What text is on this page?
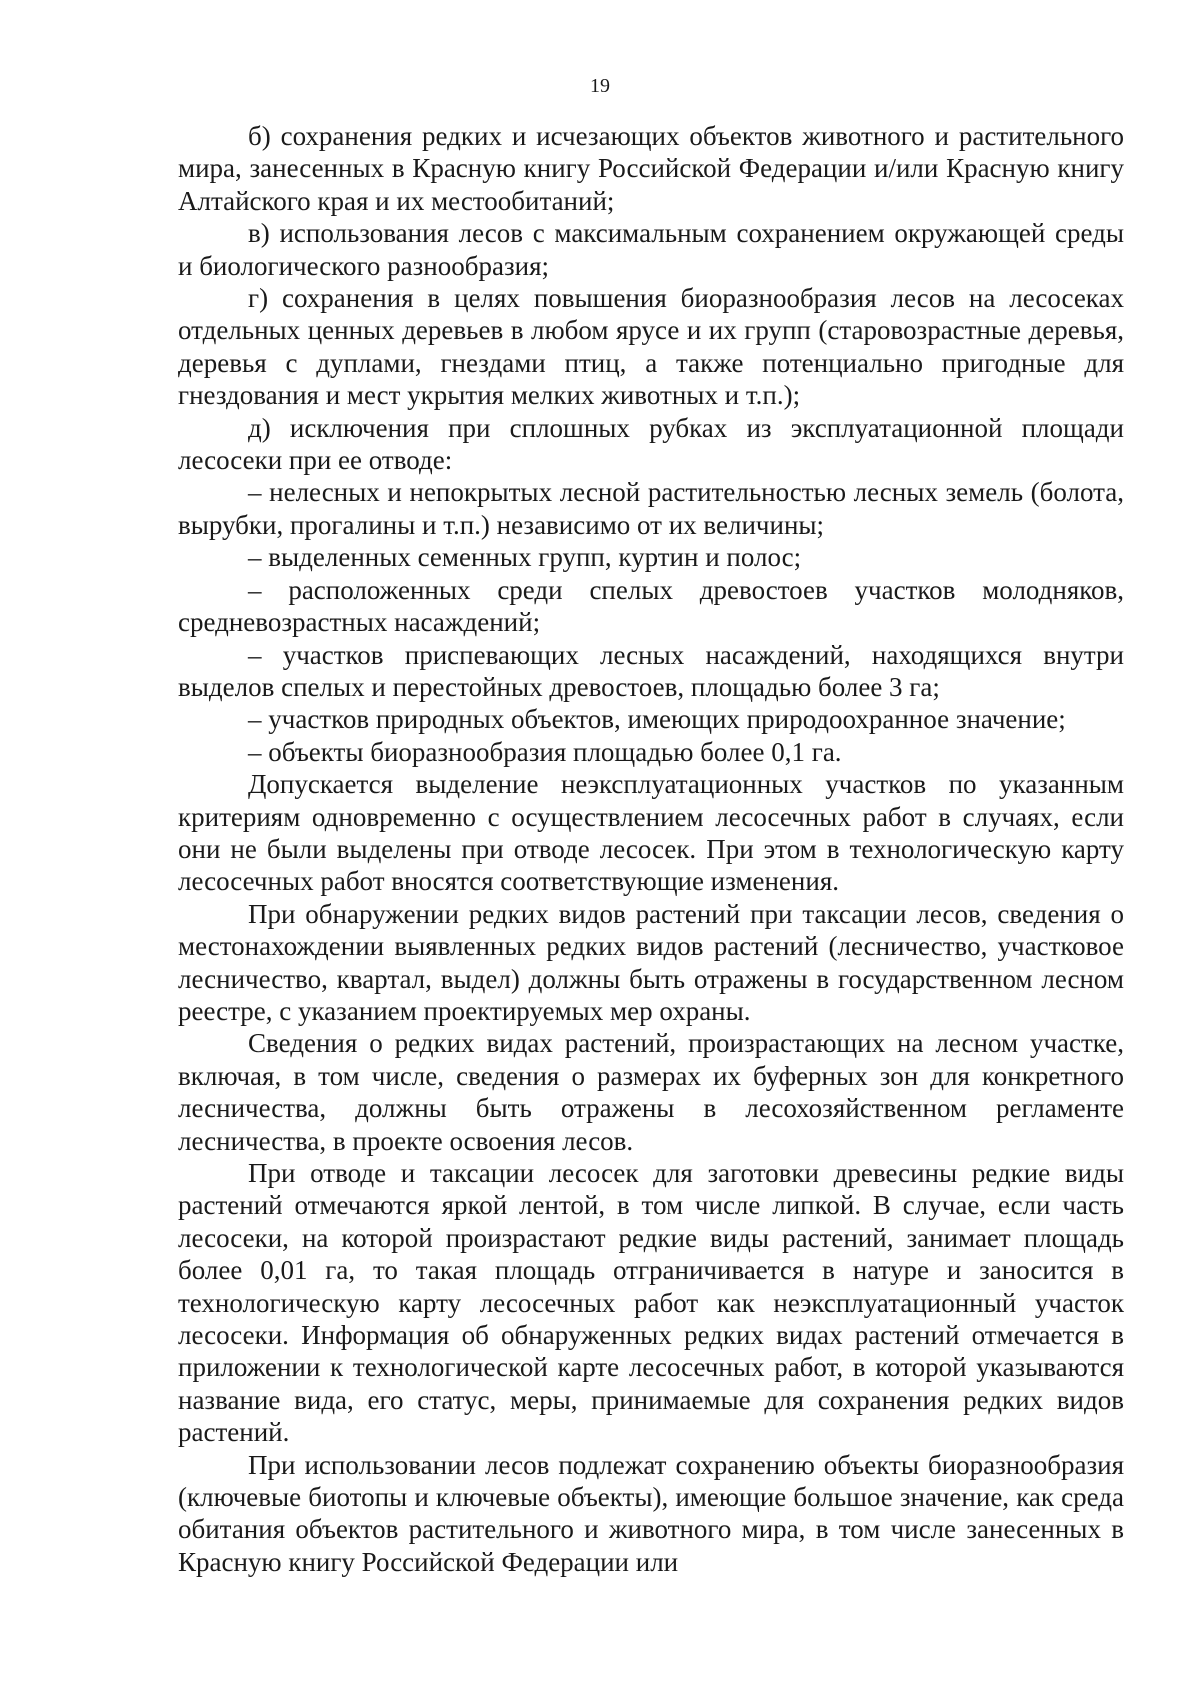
19

б) сохранения редких и исчезающих объектов животного и растительного мира, занесенных в Красную книгу Российской Федерации и/или Красную книгу Алтайского края и их местообитаний;

в) использования лесов с максимальным сохранением окружающей среды и биологического разнообразия;

г) сохранения в целях повышения биоразнообразия лесов на лесосеках отдельных ценных деревьев в любом ярусе и их групп (старовозрастные деревья, деревья с дуплами, гнездами птиц, а также потенциально пригодные для гнездования и мест укрытия мелких животных и т.п.);

д) исключения при сплошных рубках из эксплуатационной площади лесосеки при ее отводе:

– нелесных и непокрытых лесной растительностью лесных земель (болота, вырубки, прогалины и т.п.) независимо от их величины;

– выделенных семенных групп, куртин и полос;

– расположенных среди спелых древостоев участков молодняков, средневозрастных насаждений;

– участков приспевающих лесных насаждений, находящихся внутри выделов спелых и перестойных древостоев, площадью более 3 га;

– участков природных объектов, имеющих природоохранное значение;

– объекты биоразнообразия площадью более 0,1 га.

Допускается выделение неэксплуатационных участков по указанным критериям одновременно с осуществлением лесосечных работ в случаях, если они не были выделены при отводе лесосек. При этом в технологическую карту лесосечных работ вносятся соответствующие изменения.

При обнаружении редких видов растений при таксации лесов, сведения о местонахождении выявленных редких видов растений (лесничество, участковое лесничество, квартал, выдел) должны быть отражены в государственном лесном реестре, с указанием проектируемых мер охраны.

Сведения о редких видах растений, произрастающих на лесном участке, включая, в том числе, сведения о размерах их буферных зон для конкретного лесничества, должны быть отражены в лесохозяйственном регламенте лесничества, в проекте освоения лесов.

При отводе и таксации лесосек для заготовки древесины редкие виды растений отмечаются яркой лентой, в том числе липкой. В случае, если часть лесосеки, на которой произрастают редкие виды растений, занимает площадь более 0,01 га, то такая площадь отграничивается в натуре и заносится в технологическую карту лесосечных работ как неэксплуатационный участок лесосеки. Информация об обнаруженных редких видах растений отмечается в приложении к технологической карте лесосечных работ, в которой указываются название вида, его статус, меры, принимаемые для сохранения редких видов растений.

При использовании лесов подлежат сохранению объекты биоразнообразия (ключевые биотопы и ключевые объекты), имеющие большое значение, как среда обитания объектов растительного и животного мира, в том числе занесенных в Красную книгу Российской Федерации или
